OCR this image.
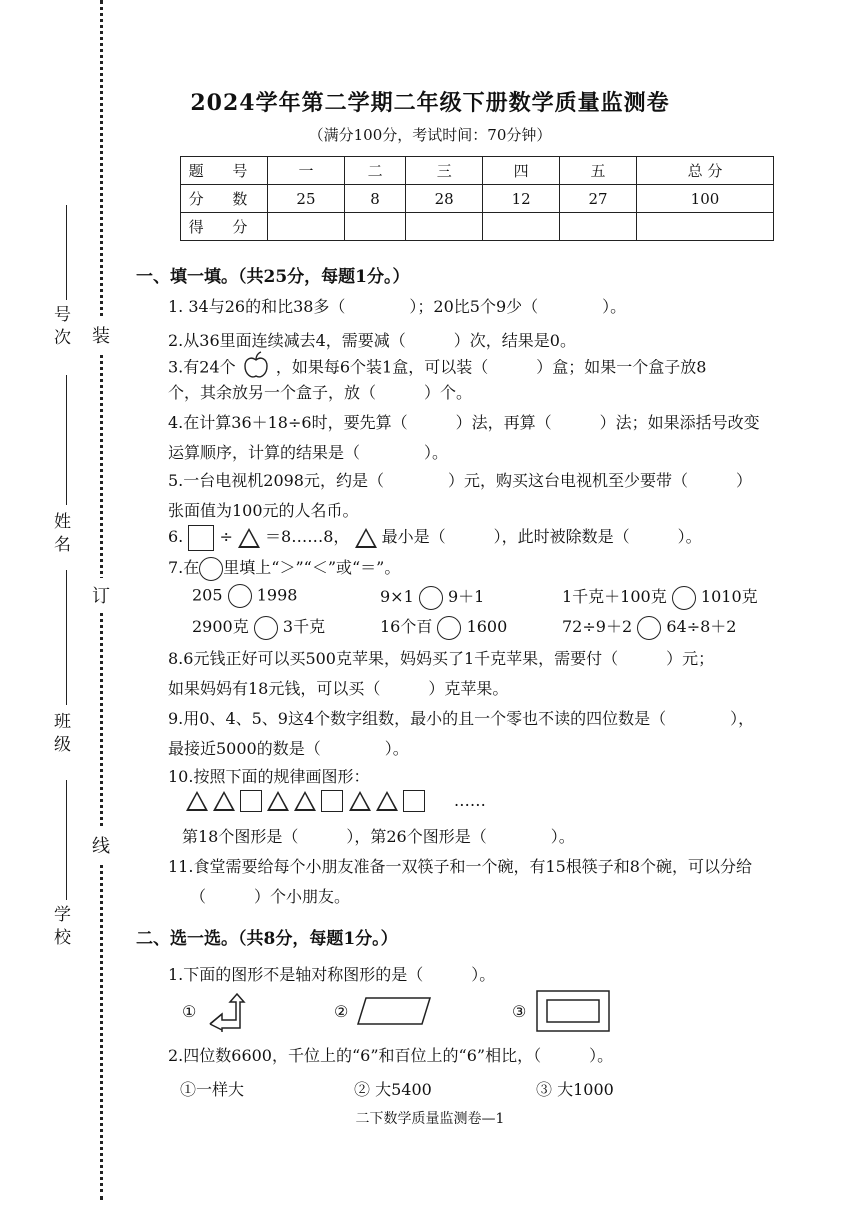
号次
姓名
班级
学校
装
订
线
2024学年第二学期二年级下册数学质量监测卷
（满分100分，考试时间：70分钟）
题 号	一	二	三	四	五	总 分
分 数	25	8	28	12	27	100
得 分						
一、填一填。（共25分，每题1分。）
1. 34与26的和比38多（　　　　）；20比5个9少（　　　　）。
2.从36里面连续减去4，需要减（　　　）次，结果是0。
3.有24个	，如果每6个装1盒，可以装（　　　）盒；如果一个盒子放8
个，其余放另一个盒子，放（　　　）个。
4.在计算36＋18÷6时，要先算（　　　）法，再算（　　　）法；如果添括号改变
运算顺序，计算的结果是（　　　　）。
5.一台电视机2098元，约是（　　　　）元，购买这台电视机至少要带（　　　）
张面值为100元的人名币。
6. ÷ ＝8……8， 最小是（　　　），此时被除数是（　　　）。
7.在 里填上“＞”“＜”或“＝”。
205 1998	9×1 9＋1	1千克＋100克 1010克
2900克 3千克	16个百 1600	72÷9＋2 64÷8＋2
8.6元钱正好可以买500克苹果，妈妈买了1千克苹果，需要付（　　　）元；
如果妈妈有18元钱，可以买（　　　）克苹果。
9.用0、4、5、9这4个数字组数，最小的且一个零也不读的四位数是（　　　　），
最接近5000的数是（　　　　）。
10.按照下面的规律画图形：
……
第18个图形是（　　　），第26个图形是（　　　　）。
11.食堂需要给每个小朋友准备一双筷子和一个碗，有15根筷子和8个碗，可以分给
（　　　）个小朋友。
二、选一选。（共8分，每题1分。）
1.下面的图形不是轴对称图形的是（　　　）。
①	②	③
2.四位数6600，千位上的“6”和百位上的“6”相比，（　　　）。
①一样大	② 大5400	③ 大1000
二下数学质量监测卷—1
